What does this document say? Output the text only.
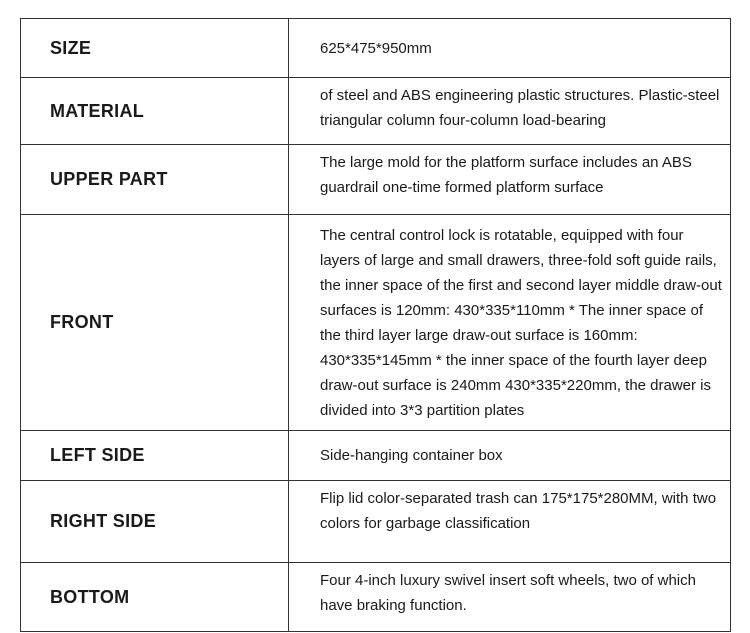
SIZE	625*475*950mm
MATERIAL	of steel and ABS engineering plastic structures. Plastic-steel triangular column four-column load-bearing
UPPER PART	The large mold for the platform surface includes an ABS guardrail one-time formed platform surface
FRONT	The central control lock is rotatable, equipped with four layers of large and small drawers, three-fold soft guide rails, the inner space of the first and second layer middle draw-out surfaces is 120mm: 430*335*110mm * The inner space of the third layer large draw-out surface is 160mm: 430*335*145mm * the inner space of the fourth layer deep draw-out surface is 240mm 430*335*220mm, the drawer is divided into 3*3 partition plates
LEFT SIDE	Side-hanging container box
RIGHT SIDE	Flip lid color-separated trash can 175*175*280MM, with two colors for garbage classification
BOTTOM	Four 4-inch luxury swivel insert soft wheels, two of which have braking function.
